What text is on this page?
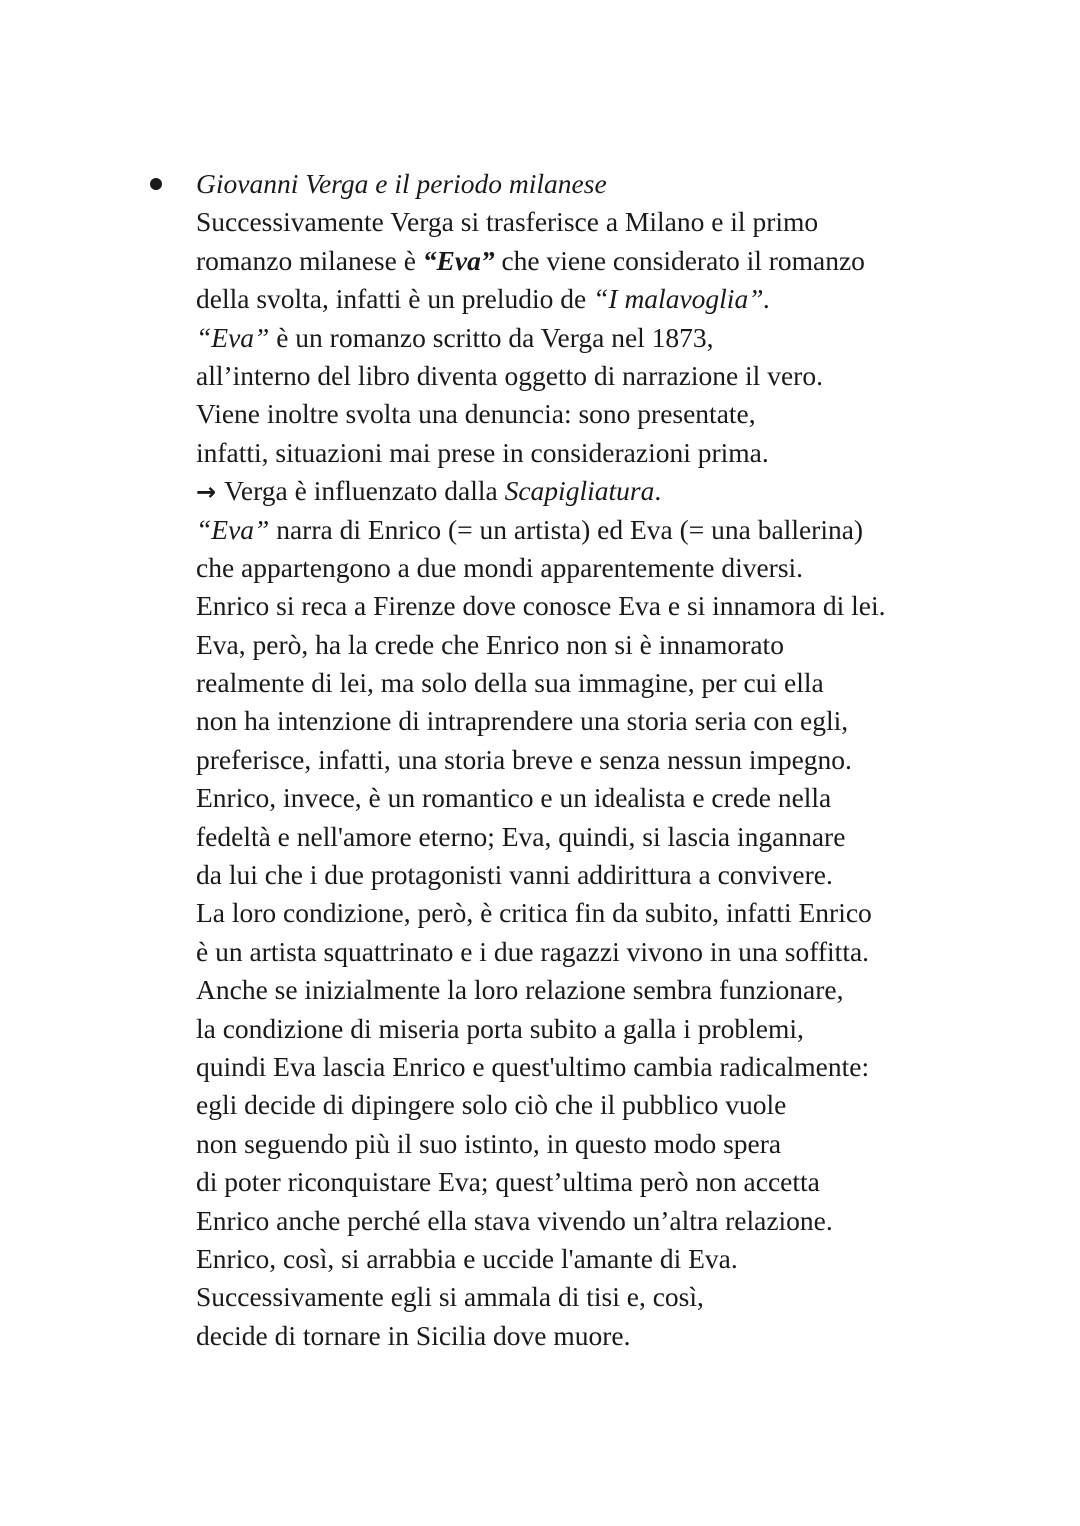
Giovanni Verga e il periodo milanese
Successivamente Verga si trasferisce a Milano e il primo
romanzo milanese è “Eva” che viene considerato il romanzo
della svolta, infatti è un preludio de “I malavoglia”.
“Eva” è un romanzo scritto da Verga nel 1873,
all’interno del libro diventa oggetto di narrazione il vero.
Viene inoltre svolta una denuncia: sono presentate,
infatti, situazioni mai prese in considerazioni prima.
→ Verga è influenzato dalla Scapigliatura.
“Eva” narra di Enrico (= un artista) ed Eva (= una ballerina)
che appartengono a due mondi apparentemente diversi.
Enrico si reca a Firenze dove conosce Eva e si innamora di lei.
Eva, però, ha la crede che Enrico non si è innamorato
realmente di lei, ma solo della sua immagine, per cui ella
non ha intenzione di intraprendere una storia seria con egli,
preferisce, infatti, una storia breve e senza nessun impegno.
Enrico, invece, è un romantico e un idealista e crede nella
fedeltà e nell'amore eterno; Eva, quindi, si lascia ingannare
da lui che i due protagonisti vanni addirittura a convivere.
La loro condizione, però, è critica fin da subito, infatti Enrico
è un artista squattrinato e i due ragazzi vivono in una soffitta.
Anche se inizialmente la loro relazione sembra funzionare,
la condizione di miseria porta subito a galla i problemi,
quindi Eva lascia Enrico e quest'ultimo cambia radicalmente:
egli decide di dipingere solo ciò che il pubblico vuole
non seguendo più il suo istinto, in questo modo spera
di poter riconquistare Eva; quest’ultima però non accetta
Enrico anche perché ella stava vivendo un’altra relazione.
Enrico, così, si arrabbia e uccide l'amante di Eva.
Successivamente egli si ammala di tisi e, così,
decide di tornare in Sicilia dove muore.
